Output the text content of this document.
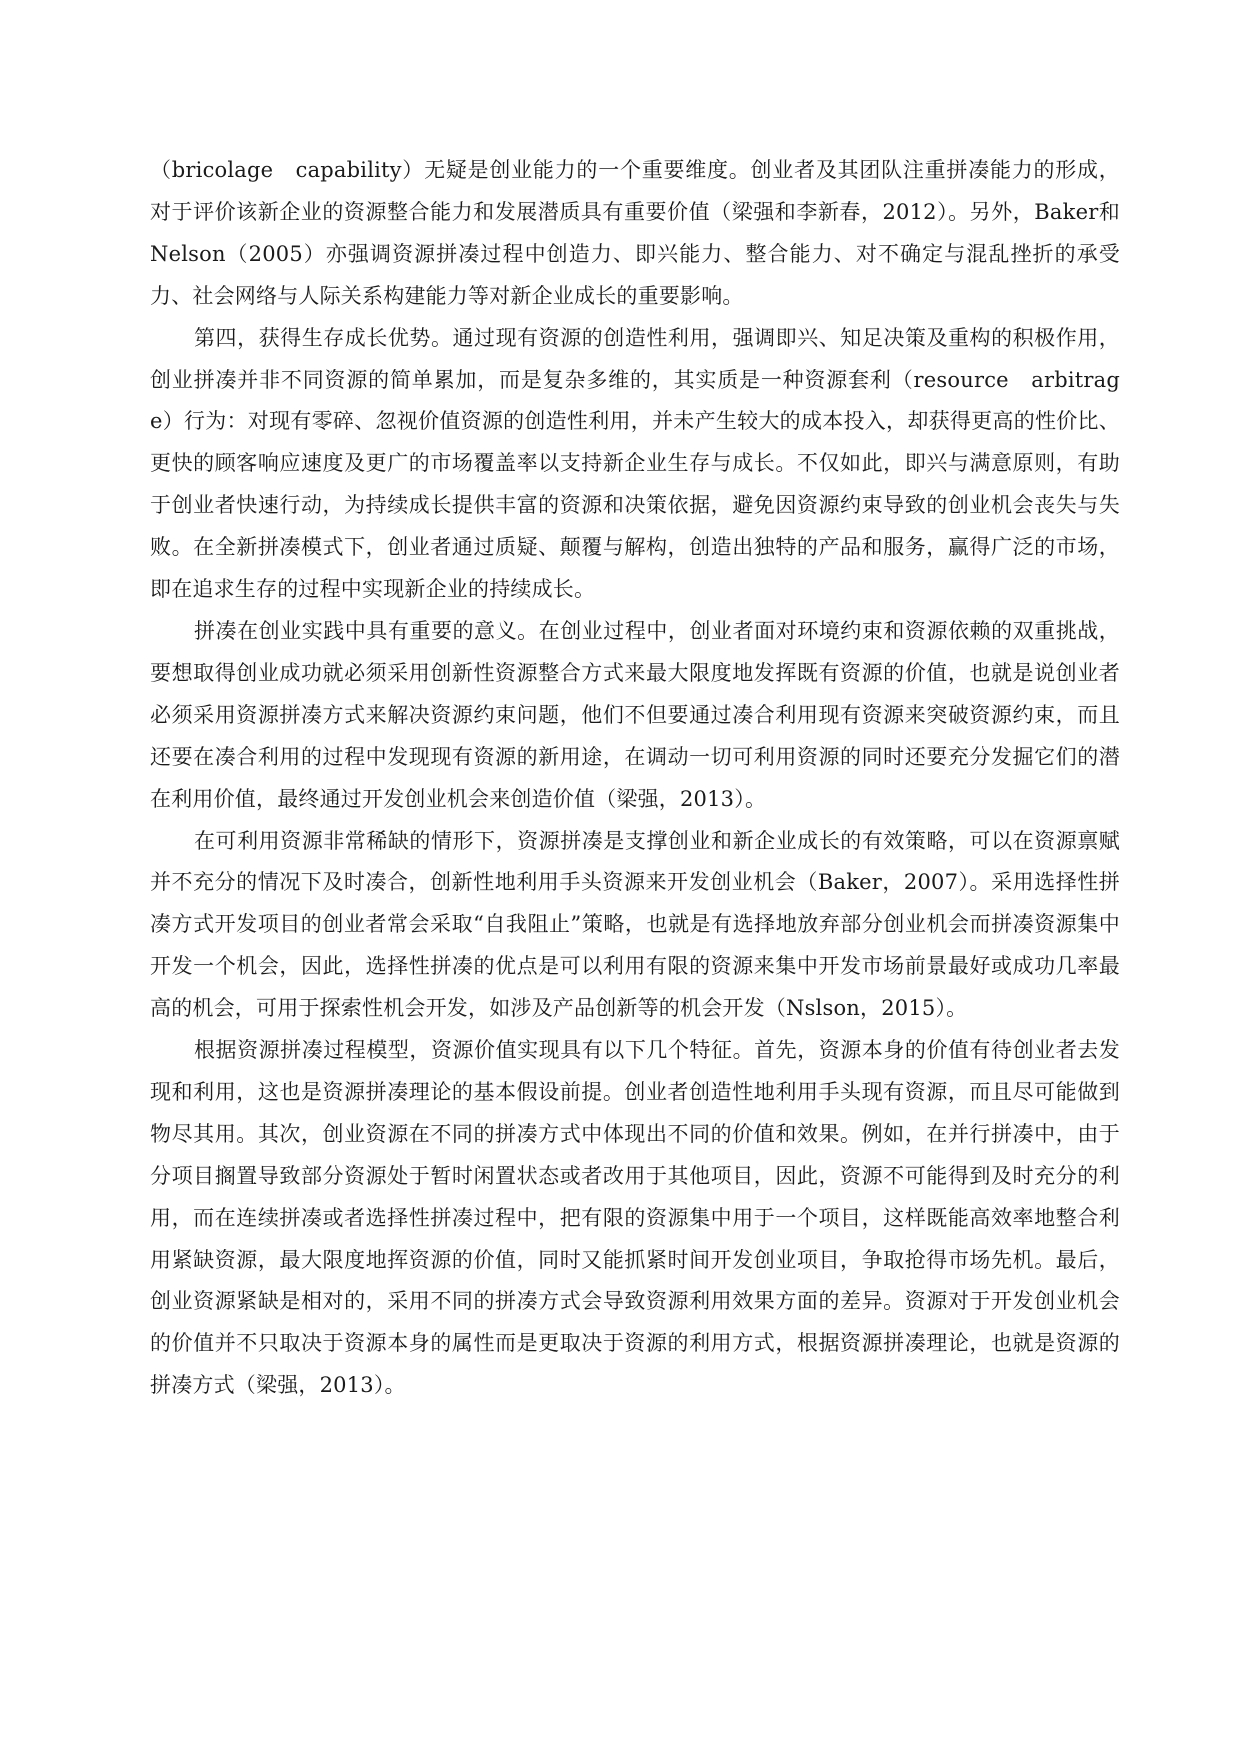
（bricolage　capability）无疑是创业能力的一个重要维度。创业者及其团队注重拼凑能力的形成，对于评价该新企业的资源整合能力和发展潜质具有重要价值（梁强和李新春，2012）。另外，Baker和Nelson（2005）亦强调资源拼凑过程中创造力、即兴能力、整合能力、对不确定与混乱挫折的承受力、社会网络与人际关系构建能力等对新企业成长的重要影响。

第四，获得生存成长优势。通过现有资源的创造性利用，强调即兴、知足决策及重构的积极作用，创业拼凑并非不同资源的简单累加，而是复杂多维的，其实质是一种资源套利（resource　arbitrage）行为：对现有零碎、忽视价值资源的创造性利用，并未产生较大的成本投入，却获得更高的性价比、更快的顾客响应速度及更广的市场覆盖率以支持新企业生存与成长。不仅如此，即兴与满意原则，有助于创业者快速行动，为持续成长提供丰富的资源和决策依据，避免因资源约束导致的创业机会丧失与失败。在全新拼凑模式下，创业者通过质疑、颠覆与解构，创造出独特的产品和服务，赢得广泛的市场，即在追求生存的过程中实现新企业的持续成长。

拼凑在创业实践中具有重要的意义。在创业过程中，创业者面对环境约束和资源依赖的双重挑战，要想取得创业成功就必须采用创新性资源整合方式来最大限度地发挥既有资源的价值，也就是说创业者必须采用资源拼凑方式来解决资源约束问题，他们不但要通过凑合利用现有资源来突破资源约束，而且还要在凑合利用的过程中发现现有资源的新用途，在调动一切可利用资源的同时还要充分发掘它们的潜在利用价值，最终通过开发创业机会来创造价值（梁强，2013）。

在可利用资源非常稀缺的情形下，资源拼凑是支撑创业和新企业成长的有效策略，可以在资源禀赋并不充分的情况下及时凑合，创新性地利用手头资源来开发创业机会（Baker，2007）。采用选择性拼凑方式开发项目的创业者常会采取“自我阻止”策略，也就是有选择地放弃部分创业机会而拼凑资源集中开发一个机会，因此，选择性拼凑的优点是可以利用有限的资源来集中开发市场前景最好或成功几率最高的机会，可用于探索性机会开发，如涉及产品创新等的机会开发（Nslson，2015）。

根据资源拼凑过程模型，资源价值实现具有以下几个特征。首先，资源本身的价值有待创业者去发现和利用，这也是资源拼凑理论的基本假设前提。创业者创造性地利用手头现有资源，而且尽可能做到物尽其用。其次，创业资源在不同的拼凑方式中体现出不同的价值和效果。例如，在并行拼凑中，由于分项目搁置导致部分资源处于暂时闲置状态或者改用于其他项目，因此，资源不可能得到及时充分的利用，而在连续拼凑或者选择性拼凑过程中，把有限的资源集中用于一个项目，这样既能高效率地整合利用紧缺资源，最大限度地挥资源的价值，同时又能抓紧时间开发创业项目，争取抢得市场先机。最后，创业资源紧缺是相对的，采用不同的拼凑方式会导致资源利用效果方面的差异。资源对于开发创业机会的价值并不只取决于资源本身的属性而是更取决于资源的利用方式，根据资源拼凑理论，也就是资源的拼凑方式（梁强，2013）。
